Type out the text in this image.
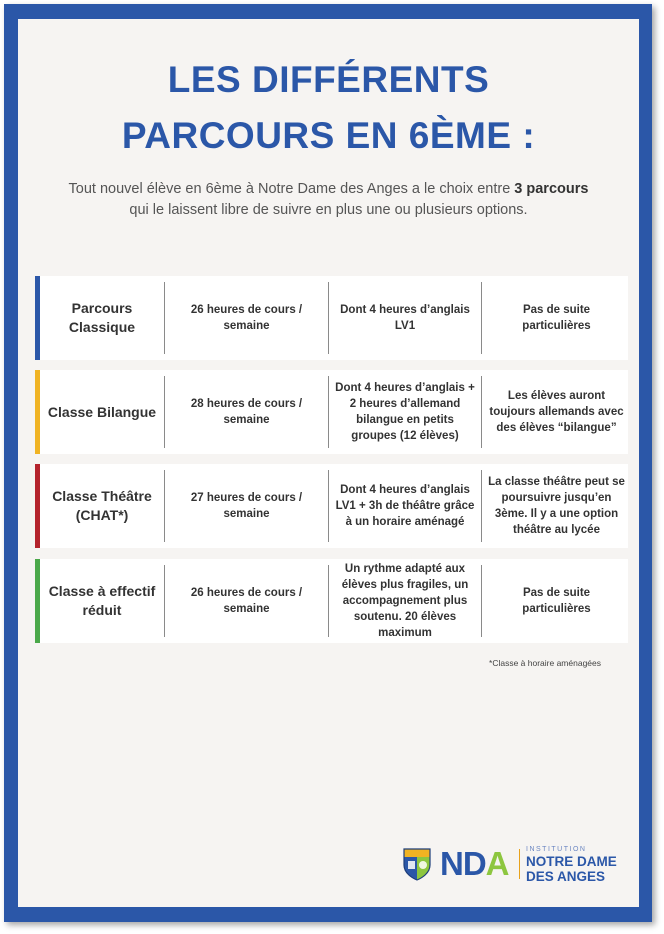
LES DIFFÉRENTS
PARCOURS EN 6ÈME :
Tout nouvel élève en 6ème à Notre Dame des Anges a le choix entre 3 parcours
qui le laissent libre de suivre en plus une ou plusieurs options.
Parcours Classique
26 heures de cours / semaine
Dont 4 heures d’anglais LV1
Pas de suite particulières
Classe Bilangue	28 heures de cours / semaine
Dont 4 heures d’anglais + 2 heures d’allemand bilangue en petits groupes (12 élèves)
Les élèves auront toujours allemands avec des élèves “bilangue”
Classe Théâtre (CHAT*)
27 heures de cours / semaine
Dont 4 heures d’anglais LV1 + 3h de théâtre grâce à un horaire aménagé
La classe théâtre peut se poursuivre jusqu’en 3ème. Il y a une option théâtre au lycée
Classe à effectif réduit
26 heures de cours / semaine
Un rythme adapté aux élèves plus fragiles, un accompagnement plus soutenu. 20 élèves maximum
Pas de suite particulières
*Classe à horaire aménagées
NDA INSTITUTION
NOTRE DAME
DES ANGES
